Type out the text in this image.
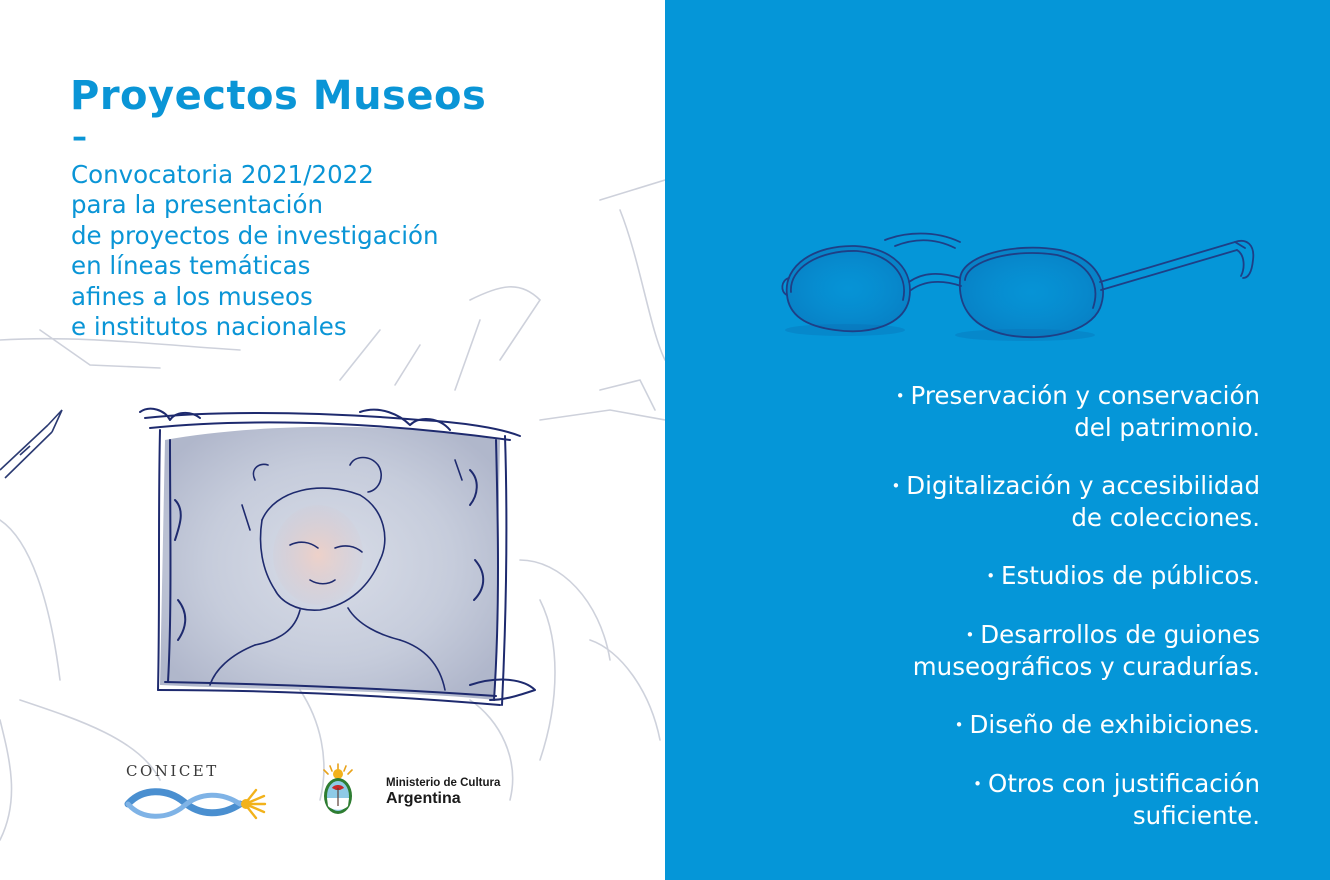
Proyectos Museos
–
Convocatoria 2021/2022
para la presentación
de proyectos de investigación
en líneas temáticas
afines a los museos
e institutos nacionales
CONICET
Ministerio de Cultura
Argentina
• Preservación y conservación
del patrimonio.
• Digitalización y accesibilidad
de colecciones.
• Estudios de públicos.
• Desarrollos de guiones
museográficos y curadurías.
• Diseño de exhibiciones.
• Otros con justificación
suficiente.
